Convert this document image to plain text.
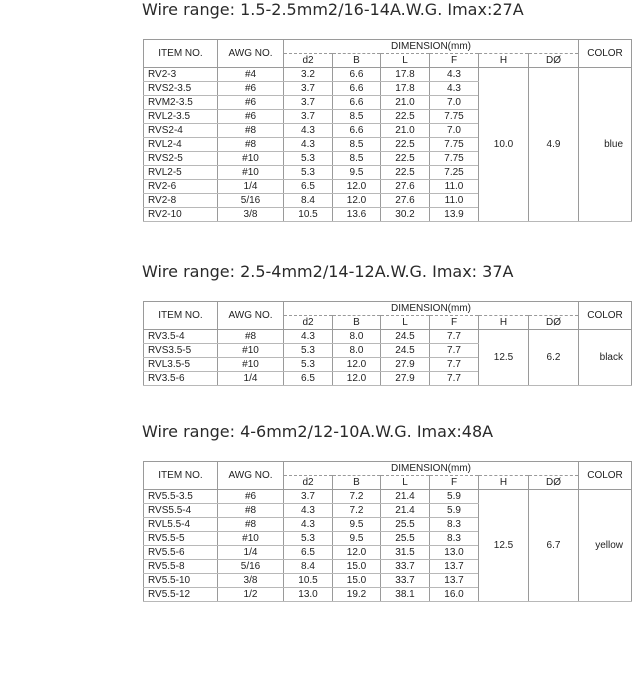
Wire range: 1.5-2.5mm2/16-14A.W.G. Imax:27A
ITEM NO.	AWG NO.	DIMENSION(mm)						COLOR
		d2	B	L	F	H	DØ	
RV2-3	#4	3.2	6.6	17.8	4.3	10.0	4.9	blue
RVS2-3.5	#6	3.7	6.6	17.8	4.3			
RVM2-3.5	#6	3.7	6.6	21.0	7.0			
RVL2-3.5	#6	3.7	8.5	22.5	7.75			
RVS2-4	#8	4.3	6.6	21.0	7.0			
RVL2-4	#8	4.3	8.5	22.5	7.75			
RVS2-5	#10	5.3	8.5	22.5	7.75			
RVL2-5	#10	5.3	9.5	22.5	7.25			
RV2-6	1/4	6.5	12.0	27.6	11.0			
RV2-8	5/16	8.4	12.0	27.6	11.0			
RV2-10	3/8	10.5	13.6	30.2	13.9			
Wire range: 2.5-4mm2/14-12A.W.G. Imax: 37A
ITEM NO.	AWG NO.	DIMENSION(mm)						COLOR
		d2	B	L	F	H	DØ	
RV3.5-4	#8	4.3	8.0	24.5	7.7	12.5	6.2	black
RVS3.5-5	#10	5.3	8.0	24.5	7.7			
RVL3.5-5	#10	5.3	12.0	27.9	7.7			
RV3.5-6	1/4	6.5	12.0	27.9	7.7			
Wire range: 4-6mm2/12-10A.W.G. Imax:48A
ITEM NO.	AWG NO.	DIMENSION(mm)						COLOR
		d2	B	L	F	H	DØ	
RV5.5-3.5	#6	3.7	7.2	21.4	5.9	12.5	6.7	yellow
RVS5.5-4	#8	4.3	7.2	21.4	5.9			
RVL5.5-4	#8	4.3	9.5	25.5	8.3			
RV5.5-5	#10	5.3	9.5	25.5	8.3			
RV5.5-6	1/4	6.5	12.0	31.5	13.0			
RV5.5-8	5/16	8.4	15.0	33.7	13.7			
RV5.5-10	3/8	10.5	15.0	33.7	13.7			
RV5.5-12	1/2	13.0	19.2	38.1	16.0			
